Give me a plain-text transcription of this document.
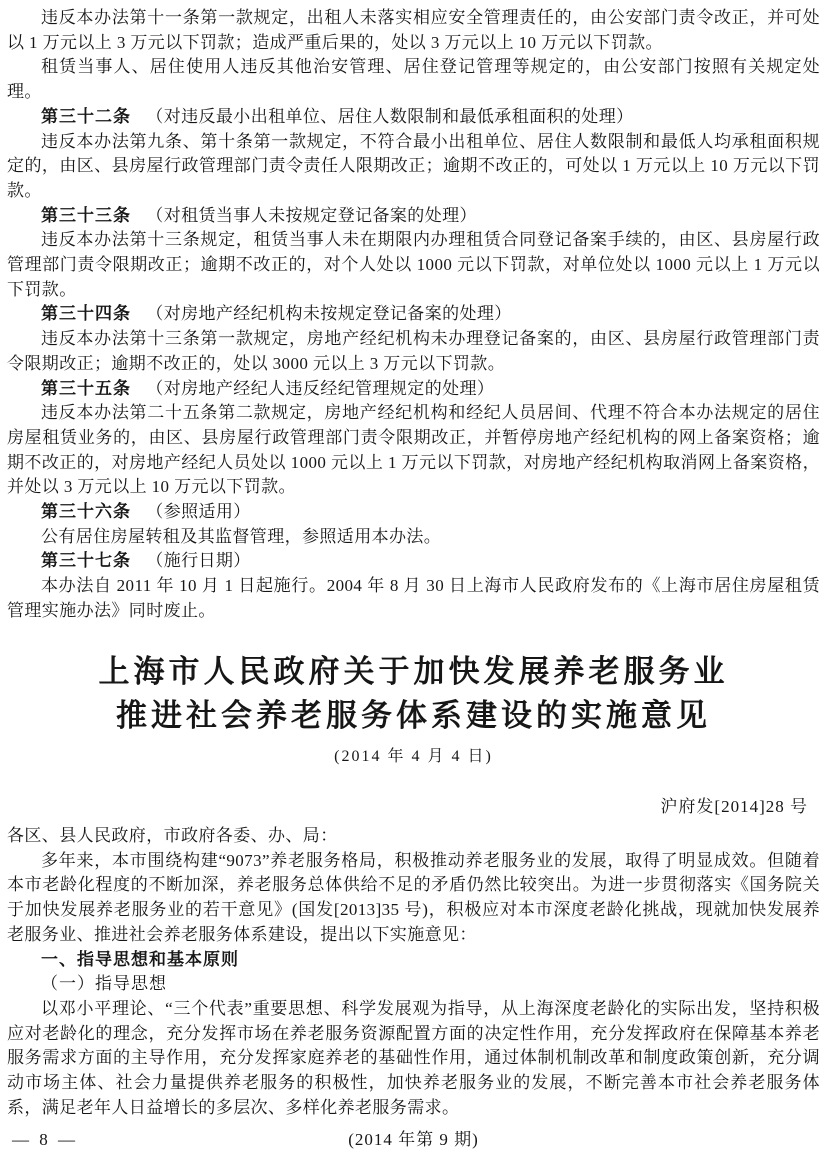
违反本办法第十一条第一款规定，出租人未落实相应安全管理责任的，由公安部门责令改正，并可处以 1 万元以上 3 万元以下罚款；造成严重后果的，处以 3 万元以上 10 万元以下罚款。

租赁当事人、居住使用人违反其他治安管理、居住登记管理等规定的，由公安部门按照有关规定处理。

第三十二条 （对违反最小出租单位、居住人数限制和最低承租面积的处理）

违反本办法第九条、第十条第一款规定，不符合最小出租单位、居住人数限制和最低人均承租面积规定的，由区、县房屋行政管理部门责令责任人限期改正；逾期不改正的，可处以 1 万元以上 10 万元以下罚款。

第三十三条 （对租赁当事人未按规定登记备案的处理）

违反本办法第十三条规定，租赁当事人未在期限内办理租赁合同登记备案手续的，由区、县房屋行政管理部门责令限期改正；逾期不改正的，对个人处以 1000 元以下罚款，对单位处以 1000 元以上 1 万元以下罚款。

第三十四条 （对房地产经纪机构未按规定登记备案的处理）

违反本办法第十三条第一款规定，房地产经纪机构未办理登记备案的，由区、县房屋行政管理部门责令限期改正；逾期不改正的，处以 3000 元以上 3 万元以下罚款。

第三十五条 （对房地产经纪人违反经纪管理规定的处理）

违反本办法第二十五条第二款规定，房地产经纪机构和经纪人员居间、代理不符合本办法规定的居住房屋租赁业务的，由区、县房屋行政管理部门责令限期改正，并暂停房地产经纪机构的网上备案资格；逾期不改正的，对房地产经纪人员处以 1000 元以上 1 万元以下罚款，对房地产经纪机构取消网上备案资格，并处以 3 万元以上 10 万元以下罚款。

第三十六条 （参照适用）

公有居住房屋转租及其监督管理，参照适用本办法。

第三十七条 （施行日期）

本办法自 2011 年 10 月 1 日起施行。2004 年 8 月 30 日上海市人民政府发布的《上海市居住房屋租赁管理实施办法》同时废止。

上海市人民政府关于加快发展养老服务业
推进社会养老服务体系建设的实施意见
(2014 年 4 月 4 日)
沪府发[2014]28 号

各区、县人民政府，市政府各委、办、局：

多年来，本市围绕构建“9073”养老服务格局，积极推动养老服务业的发展，取得了明显成效。但随着本市老龄化程度的不断加深，养老服务总体供给不足的矛盾仍然比较突出。为进一步贯彻落实《国务院关于加快发展养老服务业的若干意见》(国发[2013]35 号)，积极应对本市深度老龄化挑战，现就加快发展养老服务业、推进社会养老服务体系建设，提出以下实施意见：

一、指导思想和基本原则

（一）指导思想

以邓小平理论、“三个代表”重要思想、科学发展观为指导，从上海深度老龄化的实际出发，坚持积极应对老龄化的理念，充分发挥市场在养老服务资源配置方面的决定性作用，充分发挥政府在保障基本养老服务需求方面的主导作用，充分发挥家庭养老的基础性作用，通过体制机制改革和制度政策创新，充分调动市场主体、社会力量提供养老服务的积极性，加快养老服务业的发展，不断完善本市社会养老服务体系，满足老年人日益增长的多层次、多样化养老服务需求。

— 8 —	(2014 年第 9 期)
